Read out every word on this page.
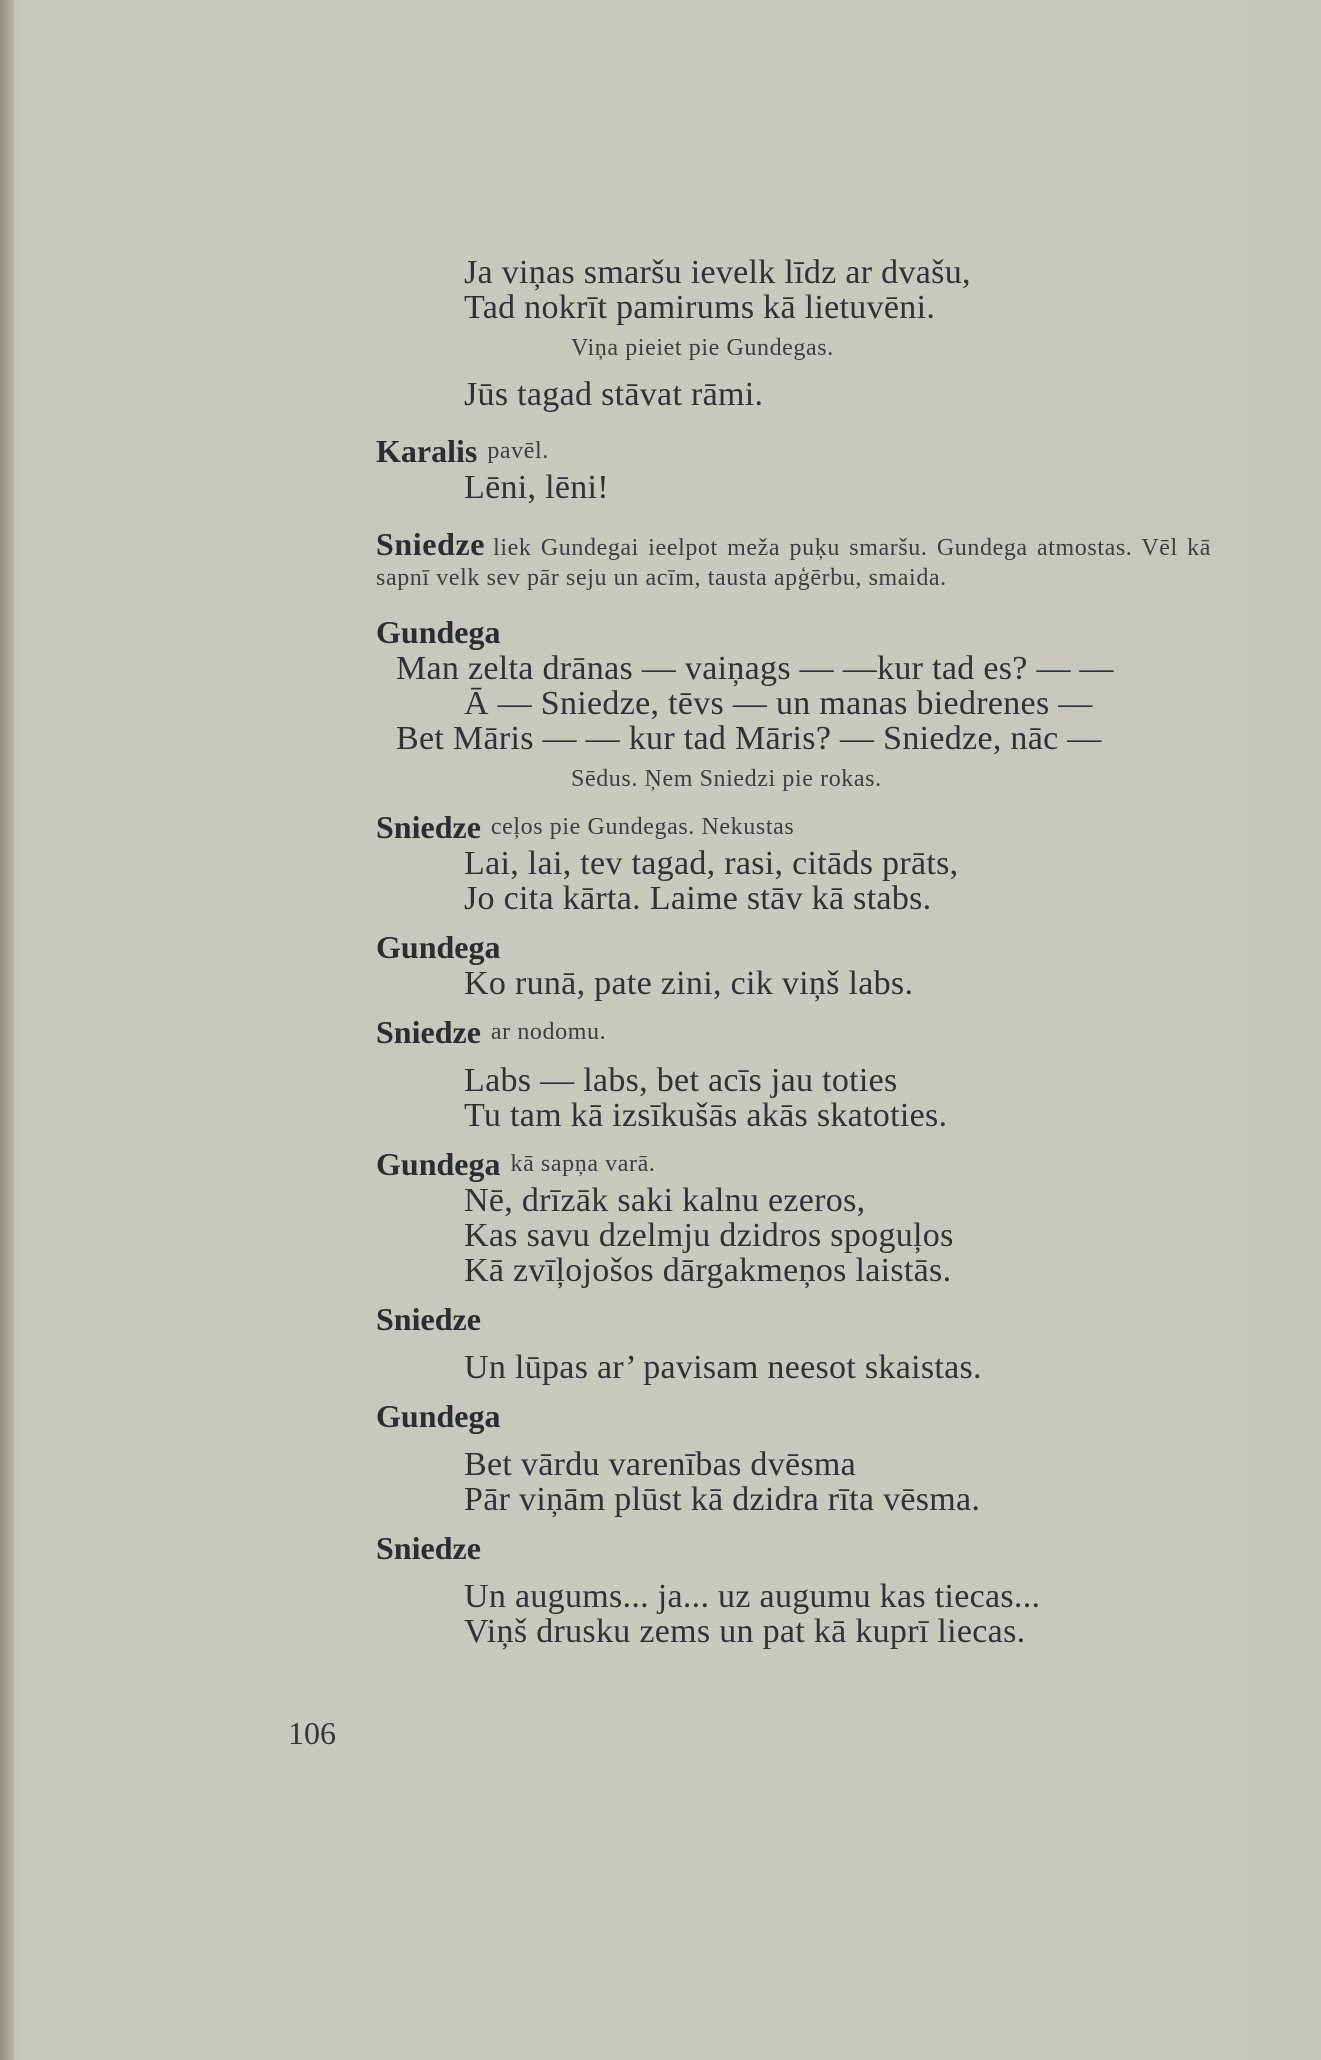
Ja viņas smaršu ievelk līdz ar dvašu,
Tad nokrīt pamirums kā lietuvēni.
Viņa pieiet pie Gundegas.
Jūs tagad stāvat rāmi.
Karalis pavēl.
Lēni, lēni!
Sniedze liek Gundegai ieelpot meža puķu smaršu. Gundega atmostas. Vēl kā sapnī velk sev pār seju un acīm, tausta apģērbu, smaida.
Gundega
Man zelta drānas — vaiņags — —kur tad es? — —
Ā — Sniedze, tēvs — un manas biedrenes —
Bet Māris — — kur tad Māris? — Sniedze, nāc —
Sēdus. Ņem Sniedzi pie rokas.
Sniedze ceļos pie Gundegas. Nekustas
Lai, lai, tev tagad, rasi, citāds prāts,
Jo cita kārta. Laime stāv kā stabs.
Gundega
Ko runā, pate zini, cik viņš labs.
Sniedze ar nodomu.
Labs — labs, bet acīs jau toties
Tu tam kā izsīkušās akās skatoties.
Gundega kā sapņa varā.
Nē, drīzāk saki kalnu ezeros,
Kas savu dzelmju dzidros spoguļos
Kā zvīļojošos dārgakmeņos laistās.
Sniedze
Un lūpas ar’ pavisam neesot skaistas.
Gundega
Bet vārdu varenības dvēsma
Pār viņām plūst kā dzidra rīta vēsma.
Sniedze
Un augums... ja... uz augumu kas tiecas...
Viņš drusku zems un pat kā kuprī liecas.
106
